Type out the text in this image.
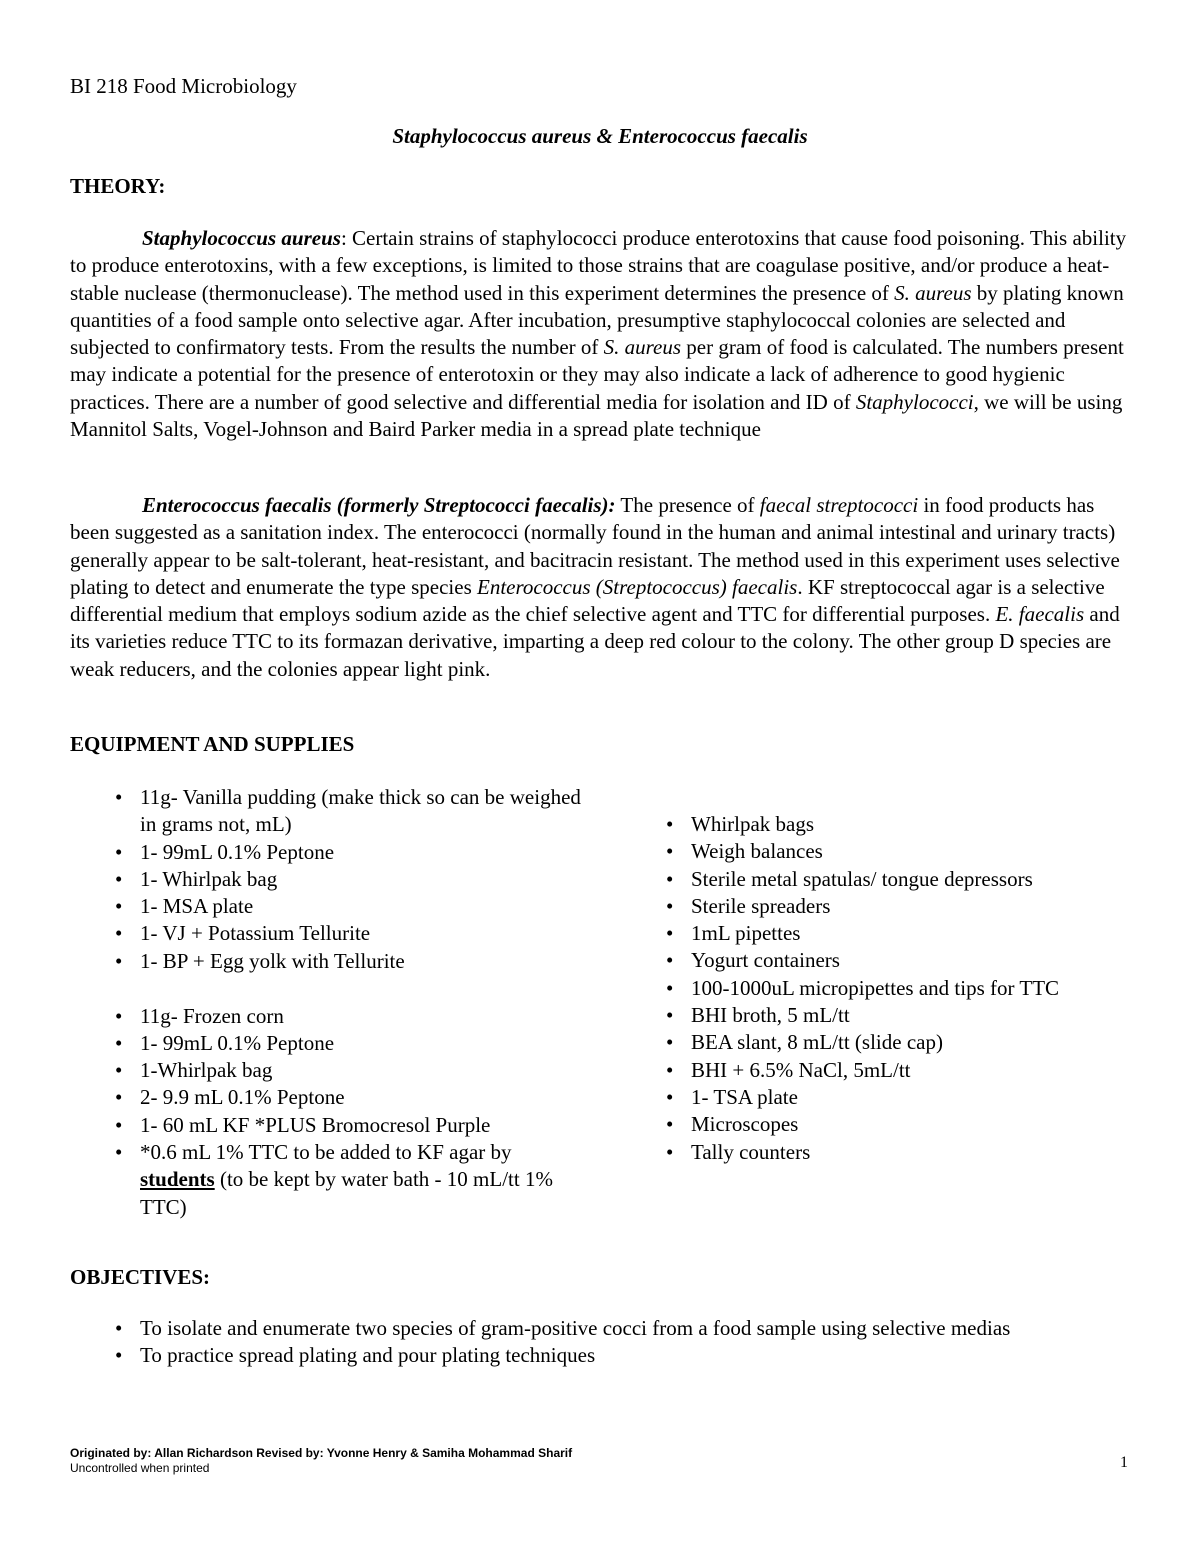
BI 218 Food Microbiology
Staphylococcus aureus & Enterococcus faecalis
THEORY:

Staphylococcus aureus: Certain strains of staphylococci produce enterotoxins that cause food poisoning. This ability to produce enterotoxins, with a few exceptions, is limited to those strains that are coagulase positive, and/or produce a heat-stable nuclease (thermonuclease). The method used in this experiment determines the presence of S. aureus by plating known quantities of a food sample onto selective agar. After incubation, presumptive staphylococcal colonies are selected and subjected to confirmatory tests. From the results the number of S. aureus per gram of food is calculated. The numbers present may indicate a potential for the presence of enterotoxin or they may also indicate a lack of adherence to good hygienic practices. There are a number of good selective and differential media for isolation and ID of Staphylococci, we will be using Mannitol Salts, Vogel-Johnson and Baird Parker media in a spread plate technique

Enterococcus faecalis (formerly Streptococci faecalis): The presence of faecal streptococci in food products has been suggested as a sanitation index. The enterococci (normally found in the human and animal intestinal and urinary tracts) generally appear to be salt-tolerant, heat-resistant, and bacitracin resistant. The method used in this experiment uses selective plating to detect and enumerate the type species Enterococcus (Streptococcus) faecalis. KF streptococcal agar is a selective differential medium that employs sodium azide as the chief selective agent and TTC for differential purposes. E. faecalis and its varieties reduce TTC to its formazan derivative, imparting a deep red colour to the colony. The other group D species are weak reducers, and the colonies appear light pink.

EQUIPMENT AND SUPPLIES
• 11g- Vanilla pudding (make thick so can be weighed in grams not, mL)
• 1- 99mL 0.1% Peptone
• 1- Whirlpak bag
• 1- MSA plate
• 1- VJ + Potassium Tellurite
• 1- BP + Egg yolk with Tellurite
• 11g- Frozen corn
• 1- 99mL 0.1% Peptone
• 1-Whirlpak bag
• 2- 9.9 mL 0.1% Peptone
• 1- 60 mL KF *PLUS Bromocresol Purple
• *0.6 mL 1% TTC to be added to KF agar by students (to be kept by water bath - 10 mL/tt 1% TTC)
• Whirlpak bags
• Weigh balances
• Sterile metal spatulas/ tongue depressors
• Sterile spreaders
• 1mL pipettes
• Yogurt containers
• 100-1000uL micropipettes and tips for TTC
• BHI broth, 5 mL/tt
• BEA slant, 8 mL/tt (slide cap)
• BHI + 6.5% NaCl, 5mL/tt
• 1- TSA plate
• Microscopes
• Tally counters
OBJECTIVES:
• To isolate and enumerate two species of gram-positive cocci from a food sample using selective medias
• To practice spread plating and pour plating techniques
Originated by: Allan Richardson Revised by: Yvonne Henry & Samiha Mohammad Sharif
Uncontrolled when printed	1
